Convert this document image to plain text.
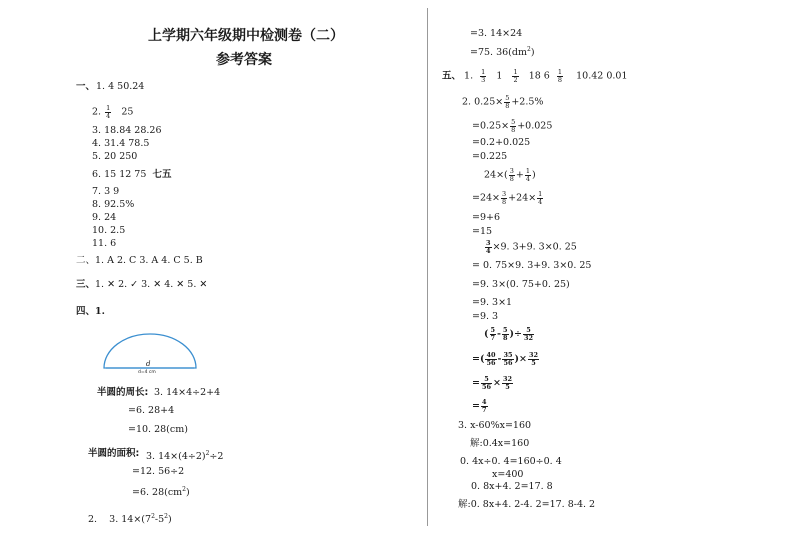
上学期六年级期中检测卷（二）
参考答案
一、 1. 4 50.24
2. $\frac{1}{4} 25$
3. 18.84 28.26
4. 31.4 78.5
5. 20 250
6. 15 12 75 七五
7. 3 9
8. 92.5%
9. 24
10. 2.5
11. 6
二、1. A 2. C 3. A 4. C 5. B
三、1. ✕ 2. ✓ 3. ✕ 4. ✕ 5. ✕
四、1.
d
d=4 cm
半圆的周长: 3. 14×4÷2+4
=6. 28+4
=10. 28(cm)
半圆的面积: 3. $14\times(4\div 2)^2\div 2$
=12. 56÷2
=6. $28(cm^2)$
2. 3. $14\times(7^2-5^2)$
=3. 14×24
=75. $36(dm^2)$
五、 1. $\frac{1}{3} 1 \frac{1}{2} 18$ $6 \frac{1}{8} 10.42$ 0.01
2. $0.25\times \frac{5}{8} +2.5\%$
$=0.25\times \frac{5}{8} +0.025$
=0.2+0.025
=0.225
$24\times( \frac{3}{8} + \frac{1}{4}$ )
$=24\times \frac{3}{8} +24\times \frac{1}{4}$
=9+6
=15
$\frac{3}{4} \times 9$. 3+9. 3×0. 25
= 0. 75×9. 3+9. 3×0. 25
=9. 3×(0. 75+0. 25)
=9. 3×1
=9. 3
( $\frac{5}{7} - \frac{5}{8}$ )÷ $\frac{5}{32}$
=( $\frac{40}{56} - \frac{35}{56}$ )× $\frac{32}{5}$
= $\frac{5}{56} \times \frac{32}{5}$
= $\frac{4}{7}$
3. x-60%x=160
解:0.4x=160
0. 4x÷0. 4=160÷0. 4
x=400
0. 8x+4. 2=17. 8
解:0. 8x+4. 2-4. 2=17. 8-4. 2
